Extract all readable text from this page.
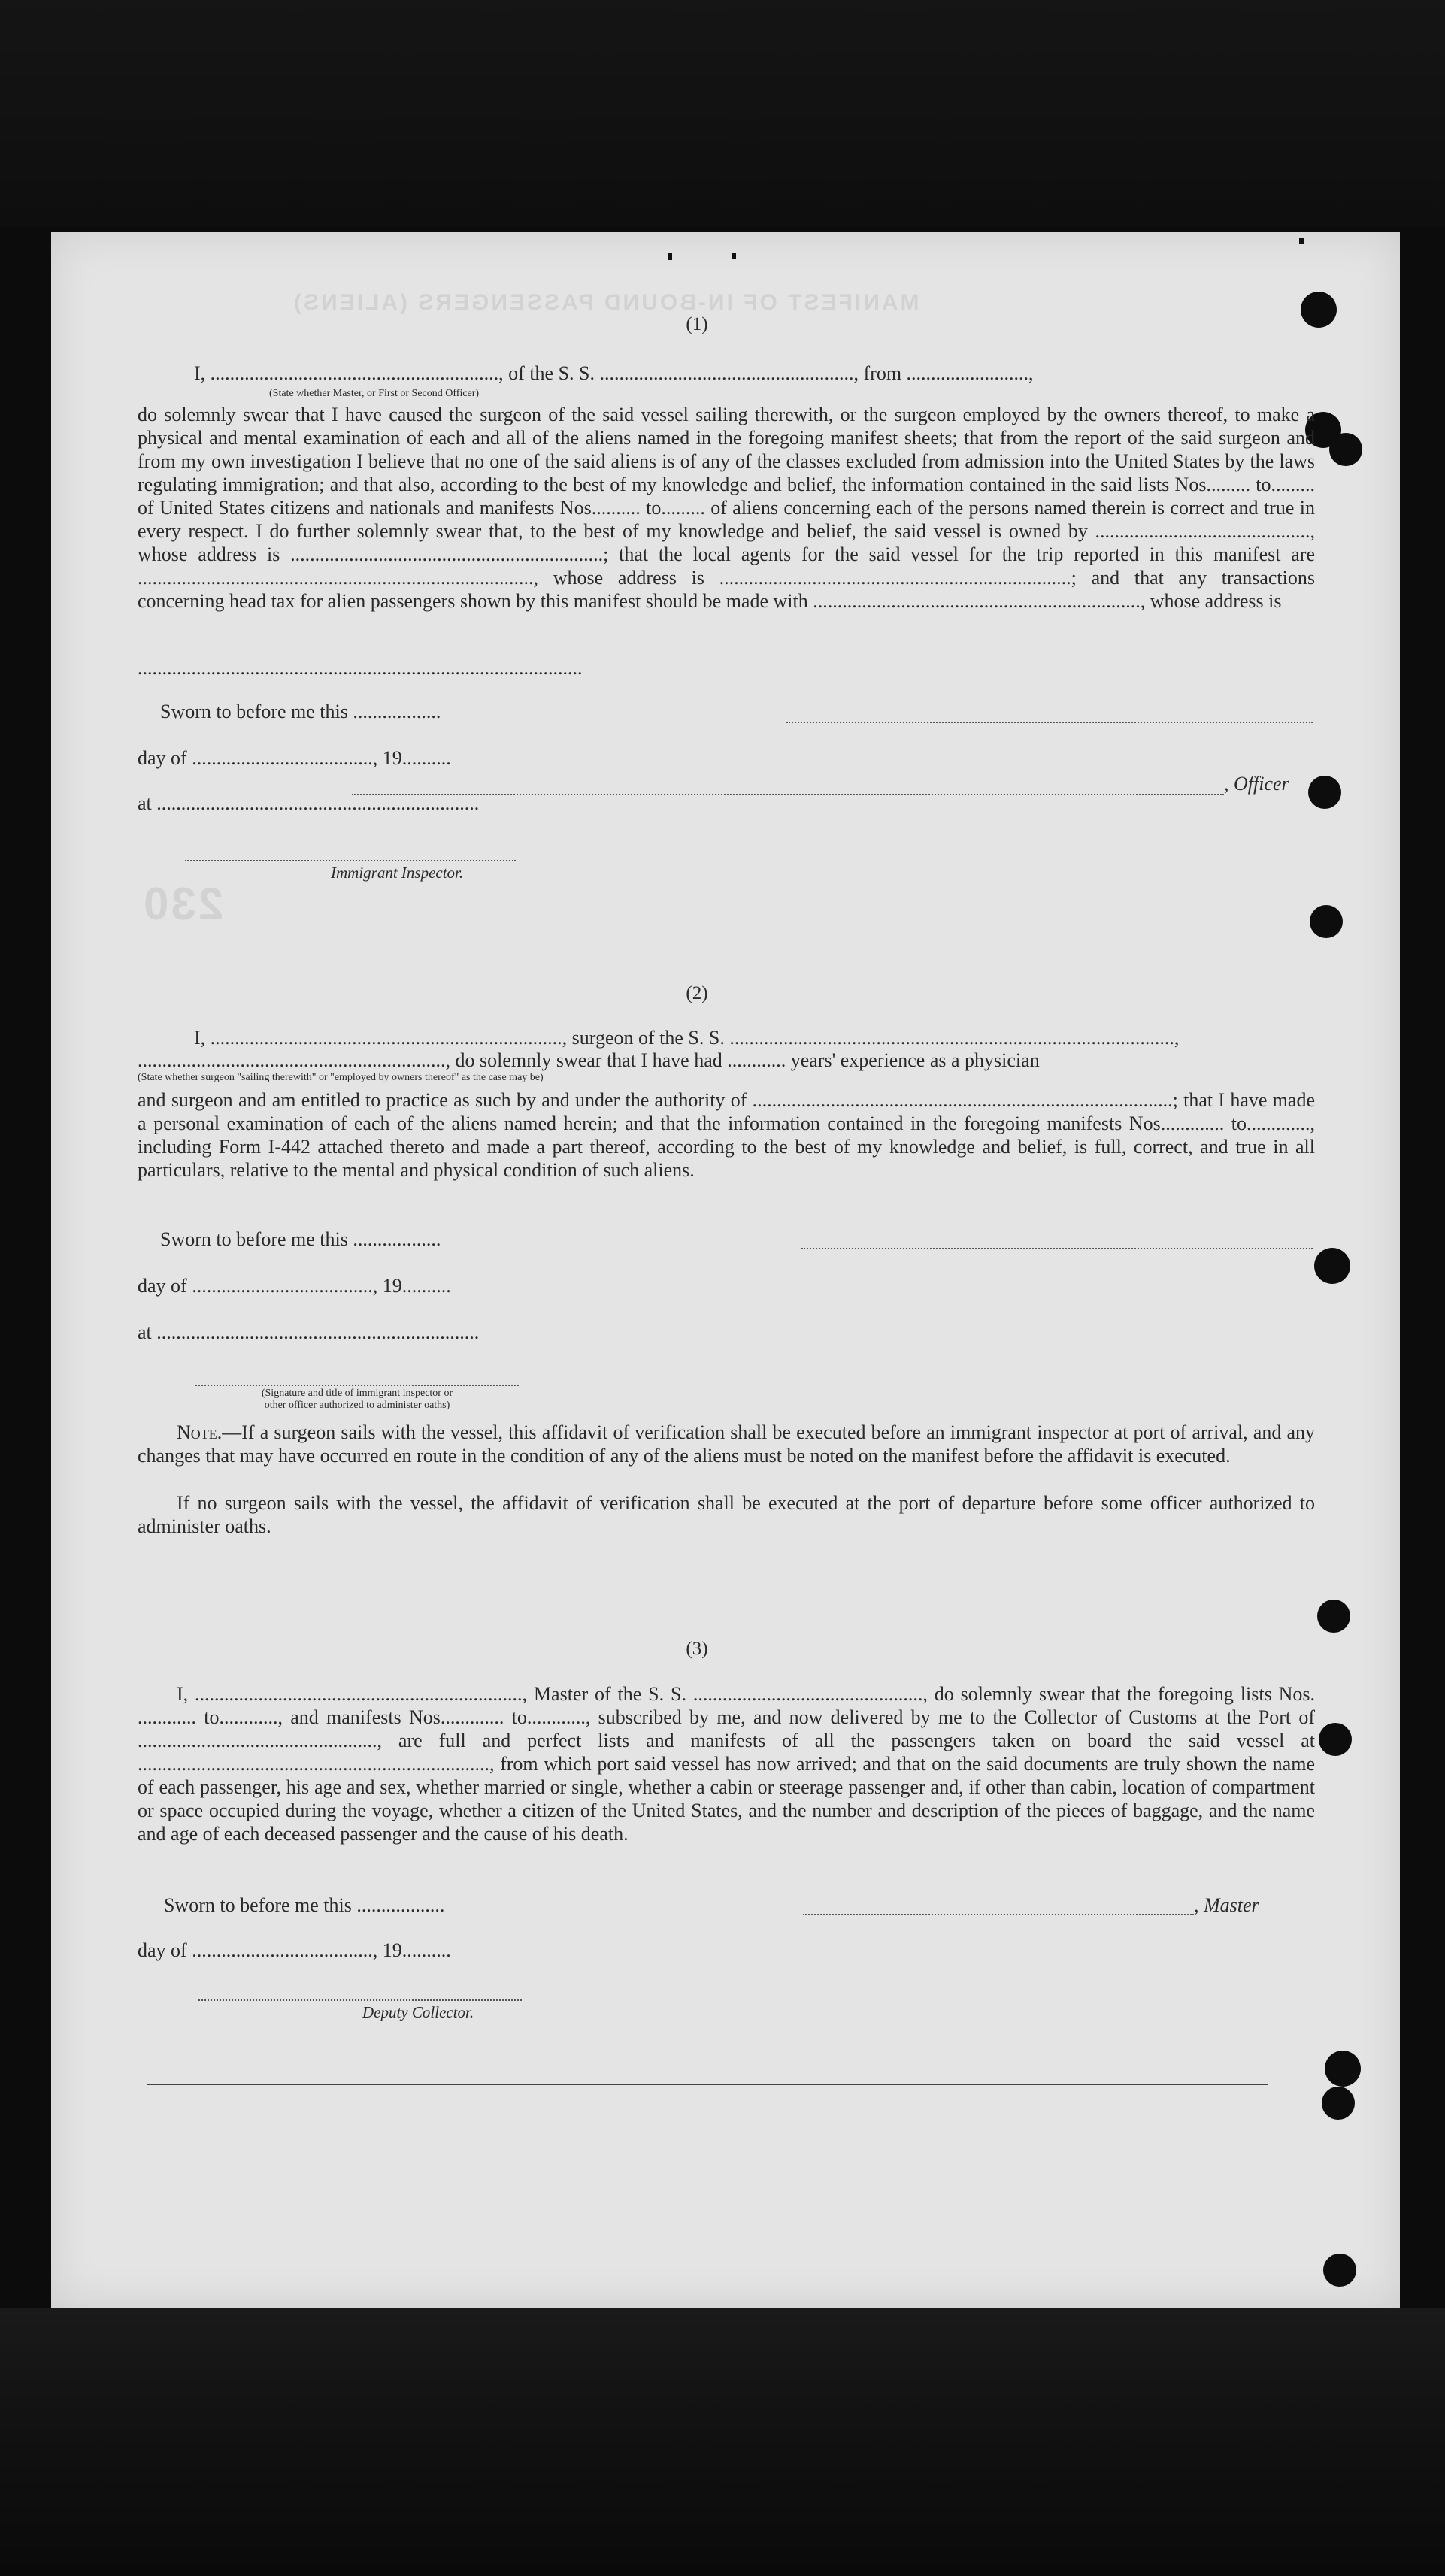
MANIFEST OF IN-BOUND PASSENGERS (ALIENS)
230
(1)
I, ..........................................................., of the S. S. ...................................................., from .........................,
(State whether Master, or First or Second Officer)
do solemnly swear that I have caused the surgeon of the said vessel sailing therewith, or the surgeon employed by the owners thereof, to make a physical and mental examination of each and all of the aliens named in the foregoing manifest sheets; that from the report of the said surgeon and from my own investigation I believe that no one of the said aliens is of any of the classes excluded from admission into the United States by the laws regulating immigration; and that also, according to the best of my knowledge and belief, the information contained in the said lists Nos......... to......... of United States citizens and nationals and manifests Nos.......... to......... of aliens concerning each of the persons named therein is correct and true in every respect. I do further solemnly swear that, to the best of my knowledge and belief, the said vessel is owned by ............................................, whose address is ................................................................; that the local agents for the said vessel for the trip reported in this manifest are ................................................................................., whose address is ........................................................................; and that any transactions concerning head tax for alien passengers shown by this manifest should be made with ..................................................................., whose address is
...........................................................................................
Sworn to before me this ..................
day of ....................................., 19..........
, Officer
at ..................................................................
Immigrant Inspector.
(2)
I, ........................................................................, surgeon of the S. S. ...........................................................................................,
..............................................................., do solemnly swear that I have had ............ years' experience as a physician
(State whether surgeon "sailing therewith" or "employed by owners thereof" as the case may be)
and surgeon and am entitled to practice as such by and under the authority of ......................................................................................; that I have made a personal examination of each of the aliens named herein; and that the information contained in the foregoing manifests Nos............. to............., including Form I-442 attached thereto and made a part thereof, according to the best of my knowledge and belief, is full, correct, and true in all particulars, relative to the mental and physical condition of such aliens.
Sworn to before me this ..................
day of ....................................., 19..........
at ..................................................................
(Signature and title of immigrant inspector or
other officer authorized to administer oaths)
Note.—If a surgeon sails with the vessel, this affidavit of verification shall be executed before an immigrant inspector at port of arrival, and any changes that may have occurred en route in the condition of any of the aliens must be noted on the manifest before the affidavit is executed.
If no surgeon sails with the vessel, the affidavit of verification shall be executed at the port of departure before some officer authorized to administer oaths.
(3)
I, ..................................................................., Master of the S. S. ..............................................., do solemnly swear that the foregoing lists Nos. ............ to............, and manifests Nos............. to............, subscribed by me, and now delivered by me to the Collector of Customs at the Port of ................................................., are full and perfect lists and manifests of all the passengers taken on board the said vessel at ........................................................................, from which port said vessel has now arrived; and that on the said documents are truly shown the name of each passenger, his age and sex, whether married or single, whether a cabin or steerage passenger and, if other than cabin, location of compartment or space occupied during the voyage, whether a citizen of the United States, and the number and description of the pieces of baggage, and the name and age of each deceased passenger and the cause of his death.
Sworn to before me this ..................	, Master
day of ....................................., 19..........
Deputy Collector.
